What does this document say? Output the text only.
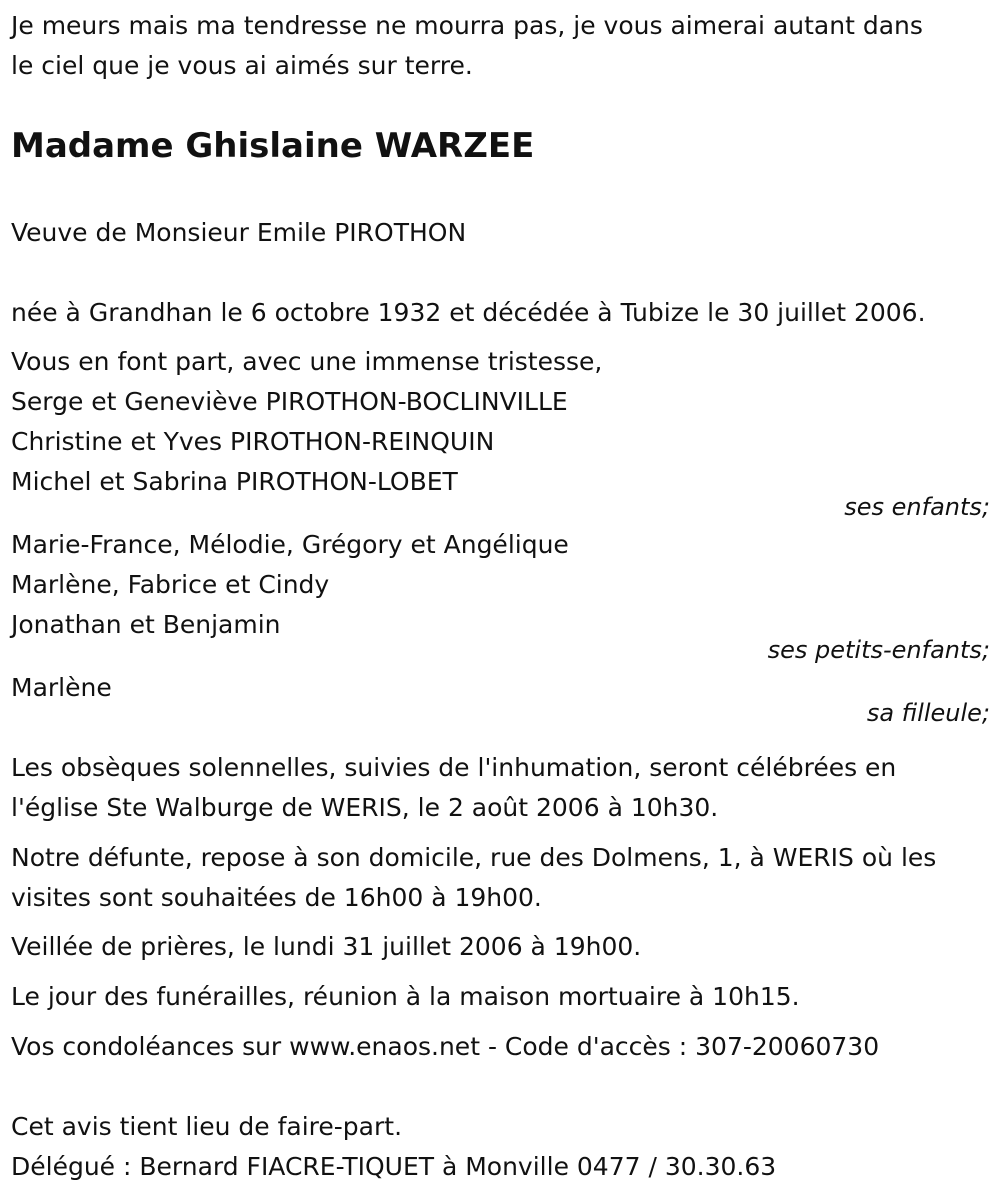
Je meurs mais ma tendresse ne mourra pas, je vous aimerai autant dans
le ciel que je vous ai aimés sur terre.
Madame Ghislaine WARZEE
Veuve de Monsieur Emile PIROTHON
née à Grandhan le 6 octobre 1932 et décédée à Tubize le 30 juillet 2006.
Vous en font part, avec une immense tristesse,
Serge et Geneviève PIROTHON-BOCLINVILLE
Christine et Yves PIROTHON-REINQUIN
Michel et Sabrina PIROTHON-LOBET
ses enfants;
Marie-France, Mélodie, Grégory et Angélique
Marlène, Fabrice et Cindy
Jonathan et Benjamin
ses petits-enfants;
Marlène
sa filleule;
Les obsèques solennelles, suivies de l'inhumation, seront célébrées en
l'église Ste Walburge de WERIS, le 2 août 2006 à 10h30.
Notre défunte, repose à son domicile, rue des Dolmens, 1, à WERIS où les
visites sont souhaitées de 16h00 à 19h00.
Veillée de prières, le lundi 31 juillet 2006 à 19h00.
Le jour des funérailles, réunion à la maison mortuaire à 10h15.
Vos condoléances sur www.enaos.net - Code d'accès : 307-20060730
Cet avis tient lieu de faire-part.
Délégué : Bernard FIACRE-TIQUET à Monville 0477 / 30.30.63
